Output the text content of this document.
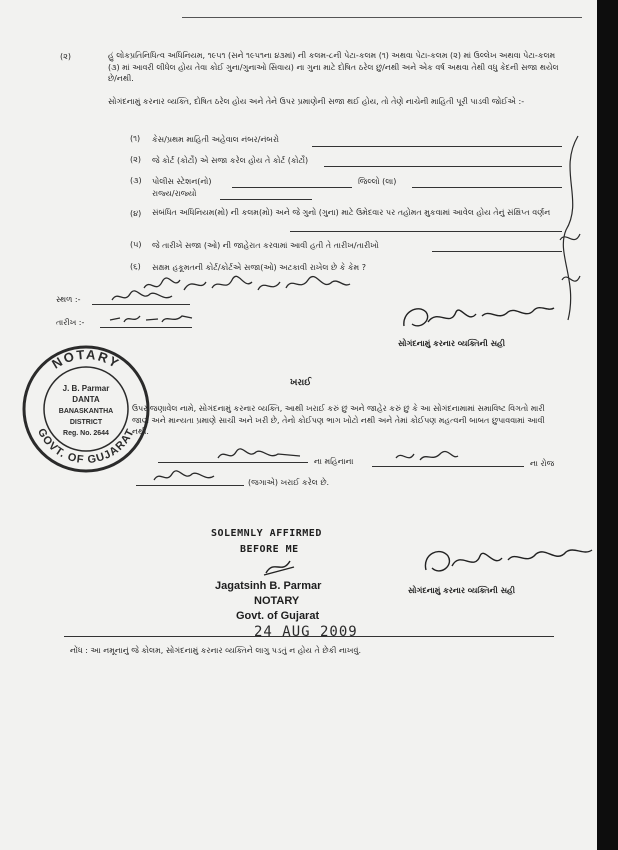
(૨)	હું લોકપ્રતિનિધિત્વ અધિનિયમ, ૧૯૫૧ (સને ૧૯૫૧ના ૪૩માં) ની કલમ-૮ની પેટા-કલમ (૧) અથવા પેટા-કલમ (૨) માં ઉલ્લેખ અથવા પેટા-કલમ (૩) માં આવરી લીધેલ હોય તેવા કોઈ ગુના/ગુનાઓ સિવાય) ના ગુના માટે દોષિત ઠરેલ છું/નથી અને એક વર્ષ અથવા તેથી વધુ કેદની સજા થયેલ છે/નથી.
સોગંદનામું કરનાર વ્યક્તિ, દોષિત ઠરેલ હોય અને તેને ઉપર પ્રમાણેની સજા થઈ હોય, તો તેણે નાચેની માહિતી પૂરી પાડવી જોઈએ :-
(૧) કેસ/પ્રથમ માહિતી અહેવાલ નંબર/નંબરો
(૨) જે કોર્ટ (કોર્ટો) એ સજા કરેલ હોય તે કોર્ટ (કોર્ટો)
(૩) પોલીસ સ્ટેશન(નો)	જિલ્લો (લા)
રાજ્ય/રાજ્યો
(૪) સંબંધિત અધિનિયમ(મો) ની કલમ(મો) અને જે ગુનો (ગુના) માટે ઉમેદવાર પર તહોમત મુકવામાં આવેલ હોય તેનું સંક્ષિપ્ત વર્ણન
(૫) જે તારીખે સજા (ઓ) ની જાહેરાત કરવામાં આવી હતી તે તારીખ/તારીખો
(૬) સક્ષમ હકૂમતની કોર્ટ/કોર્ટએ સજા(ઓ) અટકાવી રાખેલ છે કે કેમ ?
સ્થળ :-
તારીખ :-
સોગંદનામું કરનાર વ્યક્તિની સહી
NOTARY
GOVT. OF GUJARAT
J. B. Parmar
DANTA
BANASKANTHA
DISTRICT
Reg. No. 2644
ખરાઈ
ઉપર જણાવેલ નામે, સોગંદનામું કરનાર વ્યક્તિ, આથી ખરાઈ કરું છું અને જાહેર કરું છું કે આ સોગંદનામામાં સમાવિષ્ટ વિગતો મારી જાણ અને માન્યતા પ્રમાણે સાચી અને ખરી છે, તેનો કોઈપણ ભાગ ખોટો નથી અને તેમાં કોઈપણ મહત્વની બાબત છુપાવવામાં આવી નથી.
ના મહિનાના	ના રોજ
(જગાએ) ખરાઈ કરેલ છે.
SOLEMNLY AFFIRMED
BEFORE ME
Jagatsinh B. Parmar
NOTARY
Govt. of Gujarat
24 AUG 2009
સોગંદનામું કરનાર વ્યક્તિની સહી
નોંધ : આ નમૂનાનું જે કોલમ, સોગંદનામું કરનાર વ્યક્તિને લાગુ પડતું ન હોય તે છેકી નાખવું.
